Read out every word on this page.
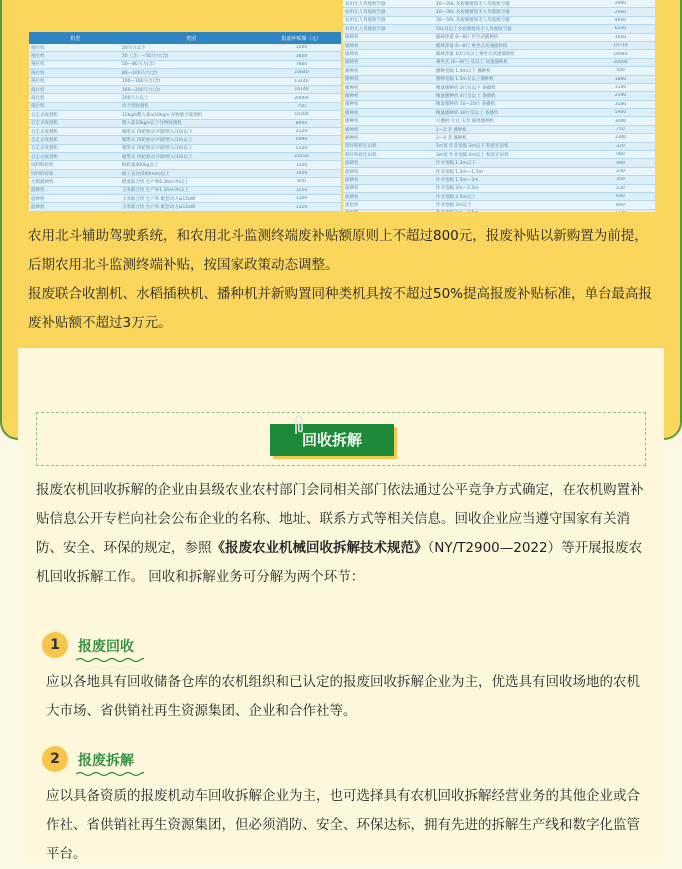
机型	类别	报废补贴额（元）
拖拉机	20马力以下	1500
拖拉机	20（含）—50马力(含)	3850
拖拉机	50—80马力(含)	7660
拖拉机	80—100马力(含)	10640
拖拉机	100—160马力(含)	13140
拖拉机	160—200马力(含)	16140
拖拉机	200马力以上	20000
拖拉机	动力型收割机	750
自走式收割机	12kg/s喂入量≥10kg/s 谷物联合收割机	10200
自走式收割机	喂入量10kg/s以下谷物收割机	8000
自走式收割机	履带式 四轮驱动 四轮喂入(10)以下	2120
自走式收割机	履带式 四轮驱动 四轮喂入(10)以上	4490
自走式收割机	履带式 四轮驱动 四轮喂入(10)以上	5130
自走式收割机	履带式 四轮驱动 四轮喂入(10)以上	10150
饲料粉碎机	粉碎量400kg以上	1500
饲料粉碎机	梳子直径(500mm)以上	1950
水稻插秧机	稻麦联合机 生产率6.3hm²/h以上	650
旋耕机	玉米联合机 生产率1.5hm²/h以上	1550
旋耕机	玉米联合机 生产率 配套动力≥11kW	1200
旋耕机	玉米联合机 生产率 配套动力≥11kW	1310
农用无人驾驶航空器	10—20L 多旋翼植保无人驾驶航空器	2060
农用无人驾驶航空器	20—30L 多旋翼植保无人驾驶航空器	2960
农用无人驾驶航空器	30—50L 多旋翼植保无人驾驶航空器	4920
农用无人驾驶航空器	50L及以上多旋翼植保无人驾驶航空器	6520
插秧机	插秧净量 6—8行 步行式插秧机	1050
插秧机	插秧净量 6—8行 乘坐式高速插秧机	10710
插秧机	插秧净量 10行及以上乘坐式高速插秧机	16940
插秧机	乘坐式 (6—8行) 及以上 高速插秧机	20000
播种机	播种宽幅 1.5m以下 播种机	500
播种机	播种宽幅 1.5m及以上播种机	1800
播种机	精量播种机 3行及以下 条播机	1120
播种机	精量播种机 4行及以上 条播机	2190
播种机	精量播种机 10—20行 条播机	3580
播种机	精量播种机 20行及以上 条播机	5900
播种机	穴播机 大豆 玉米 通用播种机	3000
播种机	1—2 垄 播种机	710
播种机	3—4 垄 播种机	1300
秸秆粉碎还田机	2m宽 作业宽幅 3m以下 粉碎还田机	320
秸秆粉碎还田机	3m宽 作业宽幅 4m以上 粉碎还田机	560
旋耕机	作业宽幅 1.2m以下	490
旋耕机	作业宽幅 1.2m—1.5m	230
旋耕机	作业宽幅 1.5m—2m	350
旋耕机	作业宽幅 2m—2.5m	530
旋耕机	作业宽幅 2.5m以上	690
深松机	作业宽幅 2m以下	890

农用北斗辅助驾驶系统，和农用北斗监测终端废补贴额原则上不超过800元，报废补贴以新购置为前提，后期农用北斗监测终端补贴，按国家政策动态调整。

报废联合收割机、水稻插秧机、播种机并新购置同种类机具按不超过50%提高报废补贴标准，单台最高报废补贴额不超过3万元。

回收拆解

报废农机回收拆解的企业由县级农业农村部门会同相关部门依法通过公平竞争方式确定，在农机购置补贴信息公开专栏向社会公布企业的名称、地址、联系方式等相关信息。回收企业应当遵守国家有关消防、安全、环保的规定，参照《报废农业机械回收拆解技术规范》（NY/T2900—2022）等开展报废农机回收拆解工作。 回收和拆解业务可分解为两个环节：

1	报废回收

应以各地具有回收储备仓库的农机组织和已认定的报废回收拆解企业为主，优选具有回收场地的农机大市场、省供销社再生资源集团、企业和合作社等。

2	报废拆解

应以具备资质的报废机动车回收拆解企业为主，也可选择具有农机回收拆解经营业务的其他企业或合作社、省供销社再生资源集团，但必须消防、安全、环保达标，拥有先进的拆解生产线和数字化监管平台。
